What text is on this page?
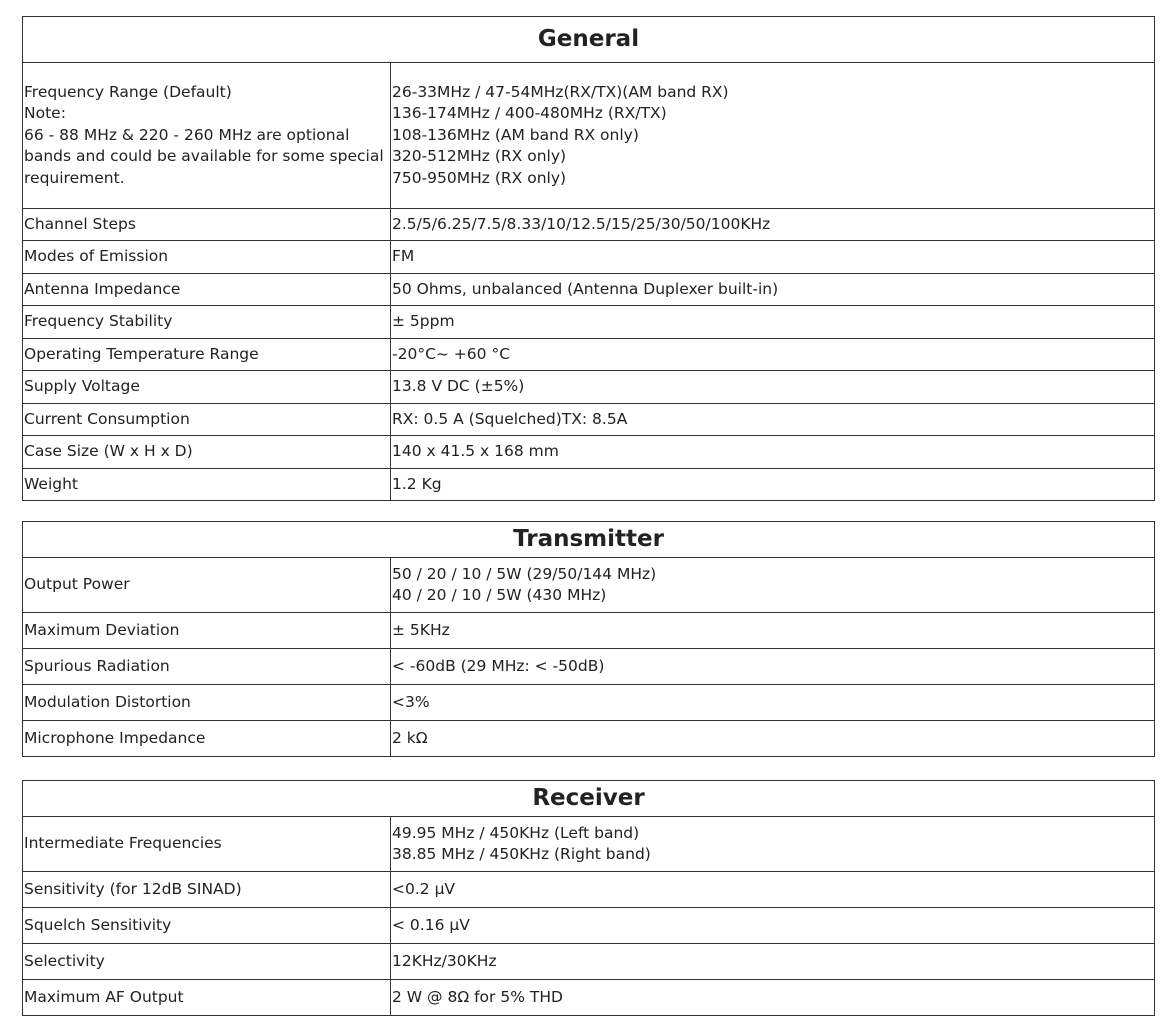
General	

Frequency Range (Default)
Note:
66 - 88 MHz & 220 - 260 MHz are optional
bands and could be available for some special
requirement.	26-33MHz / 47-54MHz(RX/TX)(AM band RX)
136-174MHz / 400-480MHz (RX/TX)
108-136MHz (AM band RX only)
320-512MHz (RX only)
750-950MHz (RX only)

Channel Steps	2.5/5/6.25/7.5/8.33/10/12.5/15/25/30/50/100KHz
Modes of Emission	FM
Antenna Impedance	50 Ohms, unbalanced (Antenna Duplexer built-in)
Frequency Stability	± 5ppm
Operating Temperature Range	-20°C~ +60 °C
Supply Voltage	13.8 V DC (±5%)
Current Consumption	RX: 0.5 A (Squelched)TX: 8.5A
Case Size (W x H x D)	140 x 41.5 x 168 mm
Weight	1.2 Kg
Transmitter	
Output Power	50 / 20 / 10 / 5W (29/50/144 MHz)
40 / 20 / 10 / 5W (430 MHz)

Maximum Deviation	± 5KHz
Spurious Radiation	< -60dB (29 MHz: < -50dB)
Modulation Distortion	<3%
Microphone Impedance	2 kΩ
Receiver	
Intermediate Frequencies	49.95 MHz / 450KHz (Left band)
38.85 MHz / 450KHz (Right band)

Sensitivity (for 12dB SINAD)	<0.2 μV
Squelch Sensitivity	< 0.16 μV
Selectivity	12KHz/30KHz
Maximum AF Output	2 W @ 8Ω for 5% THD
